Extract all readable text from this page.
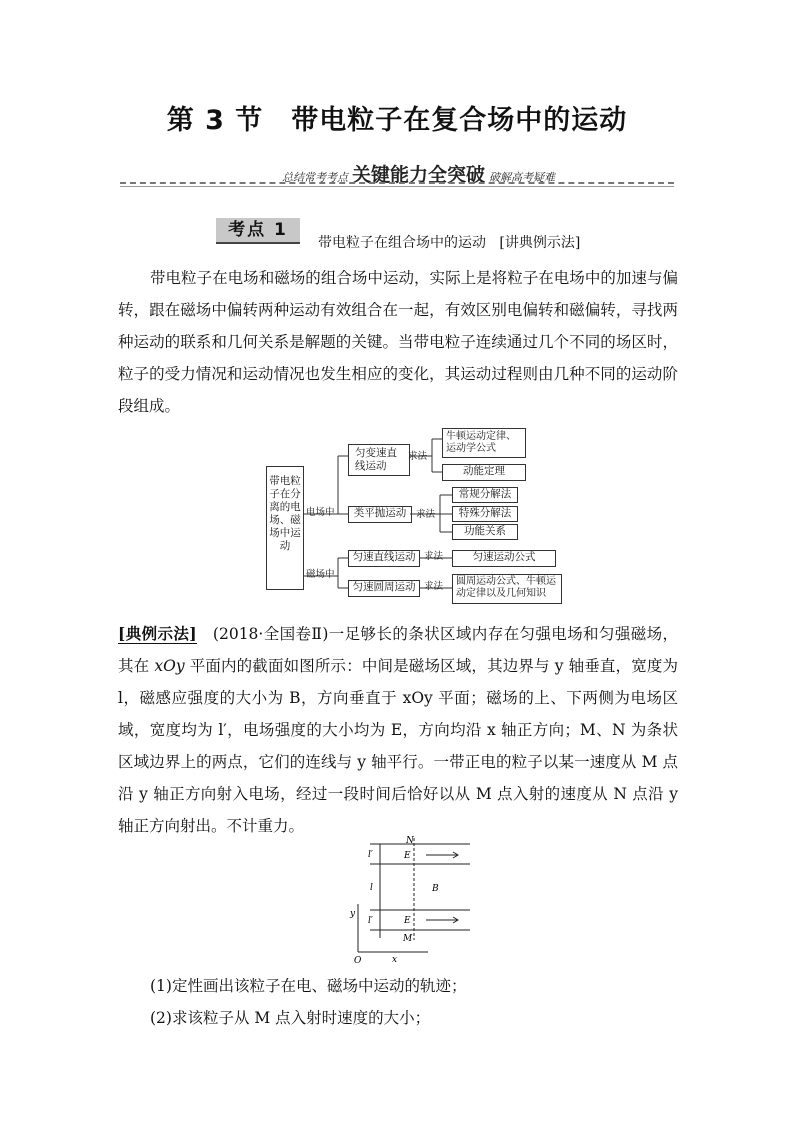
第 3 节 带电粒子在复合场中的运动
总结常考考点 关键能力全突破 破解高考疑难
考点 1
带电粒子在组合场中的运动 [讲典例示法]

带电粒子在电场和磁场的组合场中运动，实际上是将粒子在电场中的加速与偏转，跟在磁场中偏转两种运动有效组合在一起，有效区别电偏转和磁偏转，寻找两种运动的联系和几何关系是解题的关键。当带电粒子连续通过几个不同的场区时，粒子的受力情况和运动情况也发生相应的变化，其运动过程则由几种不同的运动阶段组成。

带电粒子在分离的电场、磁场中运动
电场中
磁场中
匀变速直线运动
类平抛运动
匀速直线运动
匀速圆周运动
求法
求法
求法
求法
牛顿运动定律、运动学公式
动能定理
常规分解法
特殊分解法
功能关系
匀速运动公式
圆周运动公式、牛顿运动定律以及几何知识

[典例示法]　(2018·全国卷Ⅱ)一足够长的条状区域内存在匀强电场和匀强磁场，其在 xOy 平面内的截面如图所示：中间是磁场区域，其边界与 y 轴垂直，宽度为 l，磁感应强度的大小为 B，方向垂直于 xOy 平面；磁场的上、下两侧为电场区域，宽度均为 l′，电场强度的大小均为 E，方向均沿 x 轴正方向；M、N 为条状区域边界上的两点，它们的连线与 y 轴平行。一带正电的粒子以某一速度从 M 点沿 y 轴正方向射入电场，经过一段时间后恰好以从 M 点入射的速度从 N 点沿 y 轴正方向射出。不计重力。

N
E
E
B
l′
l
l′
M
y
O	x
(1)定性画出该粒子在电、磁场中运动的轨迹；
(2)求该粒子从 M 点入射时速度的大小；
